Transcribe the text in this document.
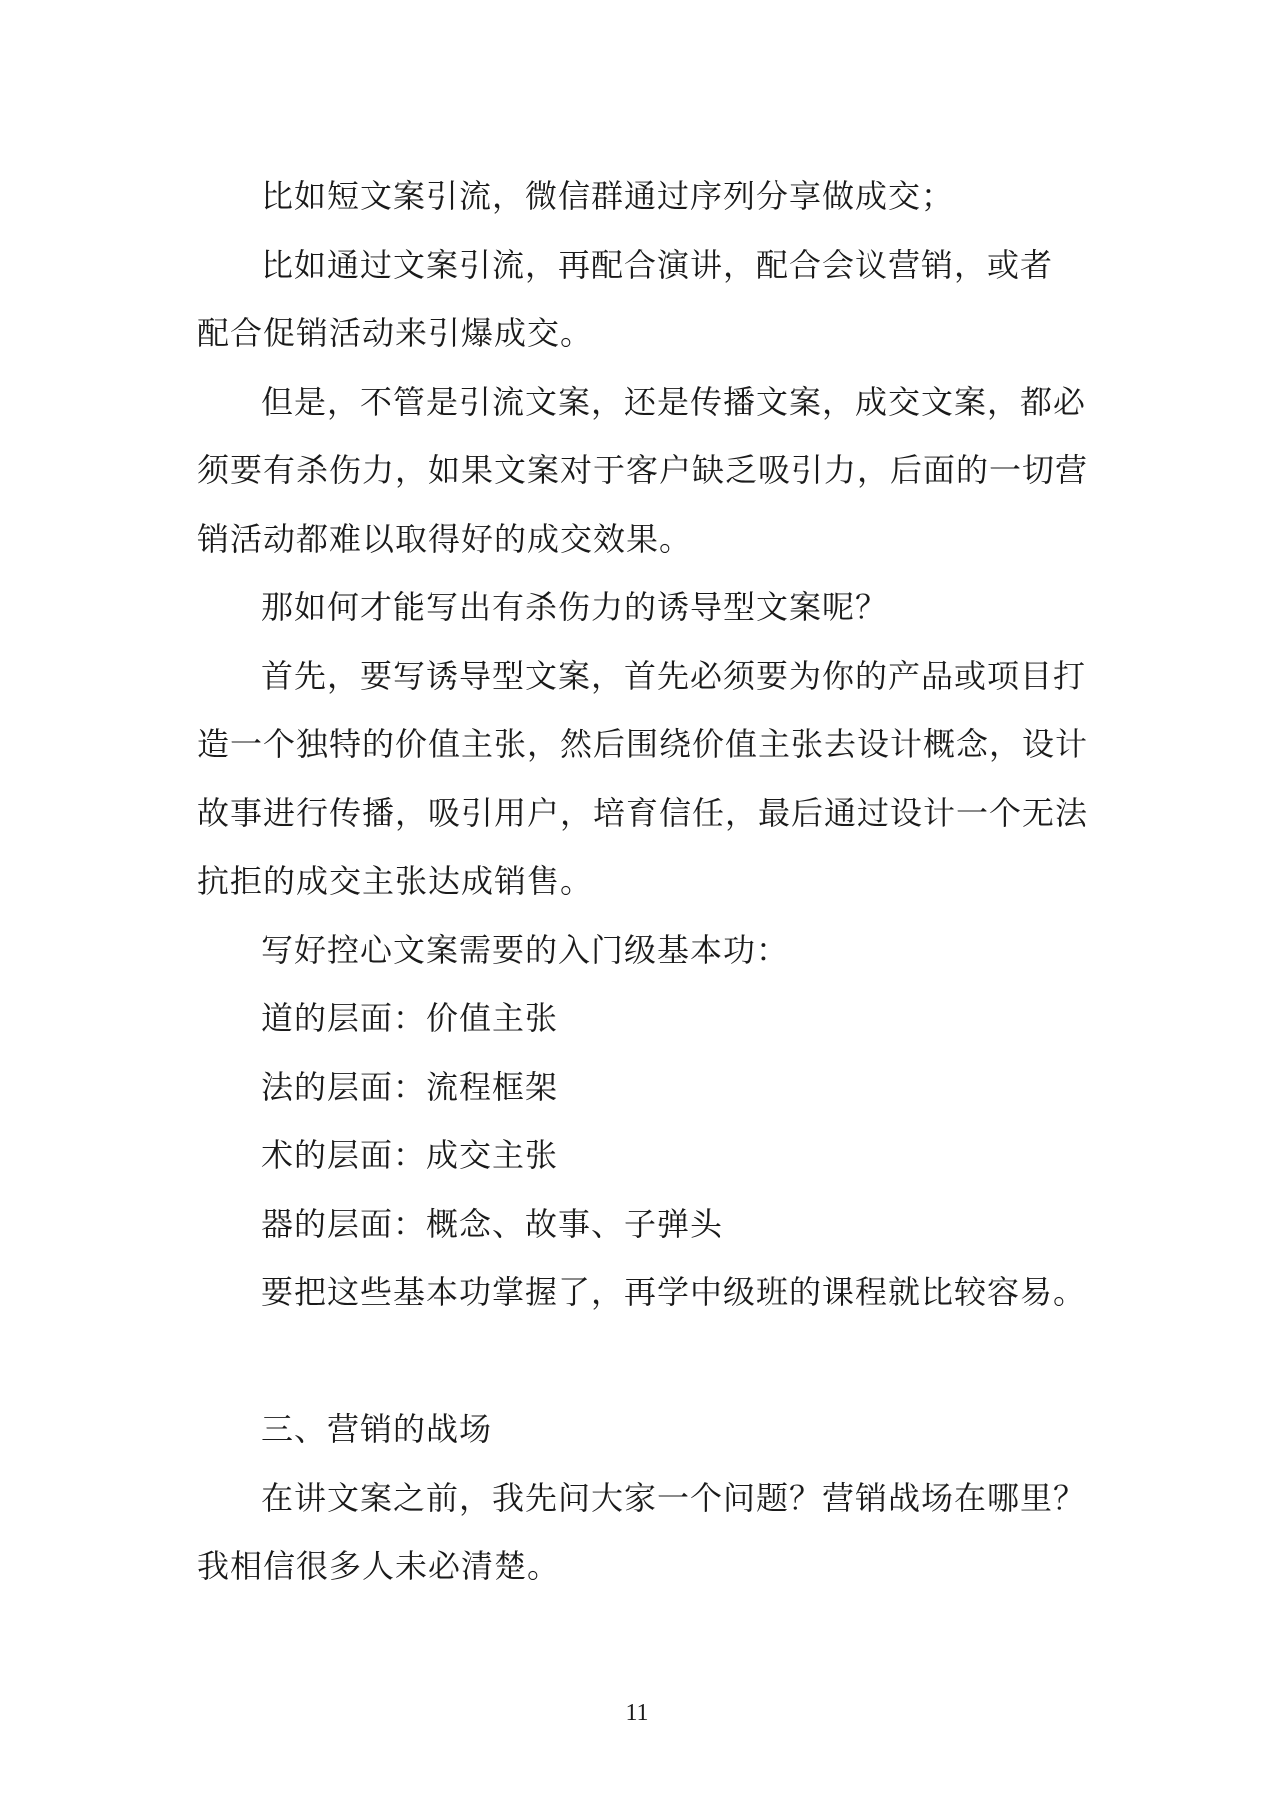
比如短文案引流，微信群通过序列分享做成交；

比如通过文案引流，再配合演讲，配合会议营销，或者 配合促销活动来引爆成交。

但是，不管是引流文案，还是传播文案，成交文案，都必须要有杀伤力，如果文案对于客户缺乏吸引力，后面的一切营销活动都难以取得好的成交效果。

那如何才能写出有杀伤力的诱导型文案呢？

首先，要写诱导型文案，首先必须要为你的产品或项目打造一个独特的价值主张，然后围绕价值主张去设计概念，设计故事进行传播，吸引用户，培育信任，最后通过设计一个无法抗拒的成交主张达成销售。

写好控心文案需要的入门级基本功：

道的层面：价值主张

法的层面：流程框架

术的层面：成交主张

器的层面：概念、故事、子弹头

要把这些基本功掌握了，再学中级班的课程就比较容易。

三、营销的战场

在讲文案之前，我先问大家一个问题？营销战场在哪里？我相信很多人未必清楚。

11
